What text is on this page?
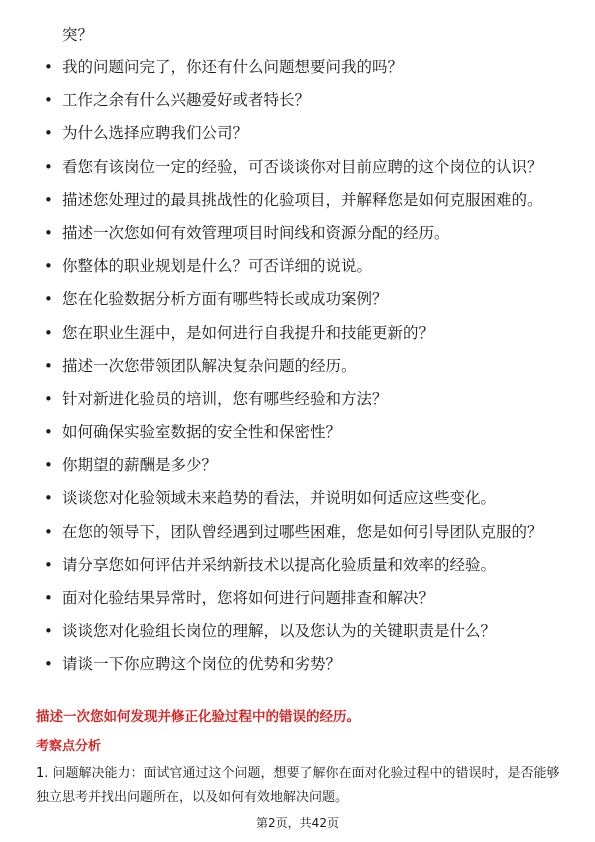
突？
• 我的问题问完了，你还有什么问题想要问我的吗？
• 工作之余有什么兴趣爱好或者特长？
• 为什么选择应聘我们公司？
• 看您有该岗位一定的经验，可否谈谈你对目前应聘的这个岗位的认识？
• 描述您处理过的最具挑战性的化验项目，并解释您是如何克服困难的。
• 描述一次您如何有效管理项目时间线和资源分配的经历。
• 你整体的职业规划是什么？可否详细的说说。
• 您在化验数据分析方面有哪些特长或成功案例？
• 您在职业生涯中，是如何进行自我提升和技能更新的？
• 描述一次您带领团队解决复杂问题的经历。
• 针对新进化验员的培训，您有哪些经验和方法？
• 如何确保实验室数据的安全性和保密性？
• 你期望的薪酬是多少？
• 谈谈您对化验领域未来趋势的看法，并说明如何适应这些变化。
• 在您的领导下，团队曾经遇到过哪些困难，您是如何引导团队克服的？
• 请分享您如何评估并采纳新技术以提高化验质量和效率的经验。
• 面对化验结果异常时，您将如何进行问题排查和解决？
• 谈谈您对化验组长岗位的理解，以及您认为的关键职责是什么？
• 请谈一下你应聘这个岗位的优势和劣势？
描述一次您如何发现并修正化验过程中的错误的经历。
考察点分析
1. 问题解决能力：面试官通过这个问题，想要了解你在面对化验过程中的错误时，是否能够独立思考并找出问题所在，以及如何有效地解决问题。
第2页，共42页
